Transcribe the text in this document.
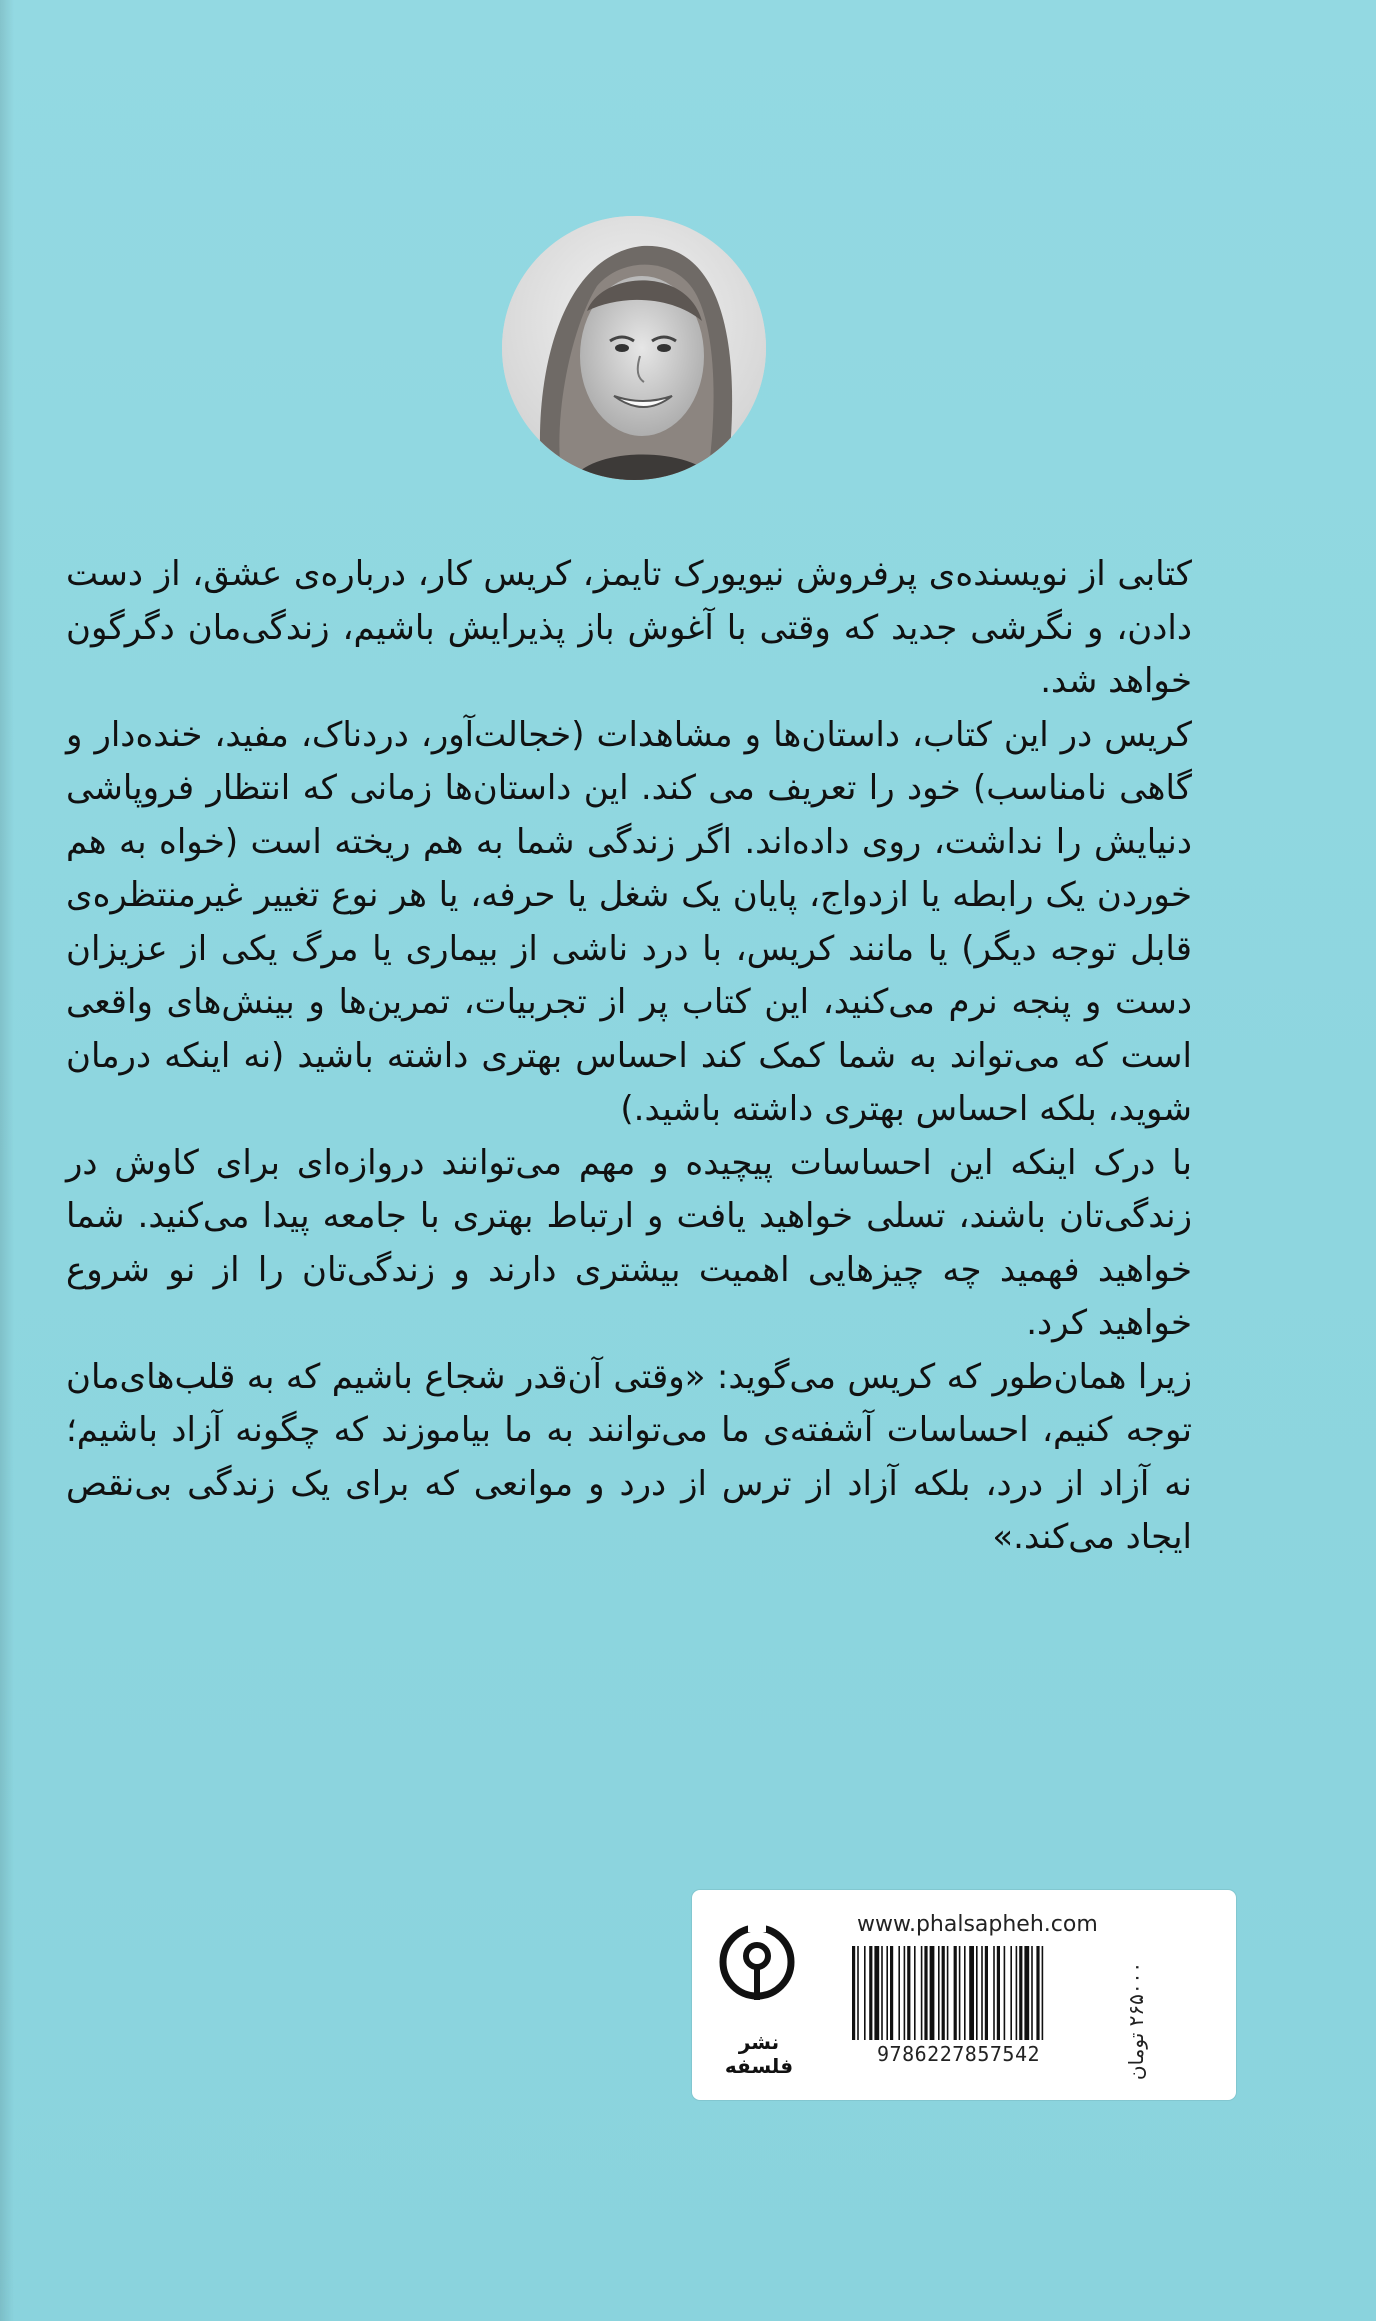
کتابی از نویسنده‌ی پرفروش نیویورک تایمز، کریس کار، درباره‌ی عشق، از دست دادن، و نگرشی جدید که وقتی با آغوش باز پذیرایش باشیم، زندگی‌مان دگرگون خواهد شد.

کریس در این کتاب، داستان‌ها و مشاهدات (خجالت‌آور، دردناک، مفید، خنده‌دار و گاهی نامناسب) خود را تعریف می کند. این داستان‌ها زمانی که انتظار فروپاشی دنیایش را نداشت، روی داده‌اند. اگر زندگی شما به هم ریخته است (خواه به هم خوردن یک رابطه یا ازدواج، پایان یک شغل یا حرفه، یا هر نوع تغییر غیرمنتظره‌ی قابل توجه دیگر) یا مانند کریس، با درد ناشی از بیماری یا مرگ یکی از عزیزان دست و پنجه نرم می‌کنید، این کتاب پر از تجربیات، تمرین‌ها و بینش‌های واقعی است که می‌تواند به شما کمک کند احساس بهتری داشته باشید (نه اینکه درمان شوید، بلکه احساس بهتری داشته باشید.)

با درک اینکه این احساسات پیچیده و مهم می‌توانند دروازه‌ای برای کاوش در زندگی‌تان باشند، تسلی خواهید یافت و ارتباط بهتری با جامعه پیدا می‌کنید. شما خواهید فهمید چه چیزهایی اهمیت بیشتری دارند و زندگی‌تان را از نو شروع خواهید کرد.

زیرا همان‌طور که کریس می‌گوید: «وقتی آن‌قدر شجاع باشیم که به قلب‌های‌مان توجه کنیم، احساسات آشفته‌ی ما می‌توانند به ما بیاموزند که چگونه آزاد باشیم؛ نه آزاد از درد، بلکه آزاد از ترس از درد و موانعی که برای یک زندگی بی‌نقص ایجاد می‌کند.»

نشر فلسفه
www.phalsapheh.com
9786227857542	۲۶۵۰۰۰ تومان
